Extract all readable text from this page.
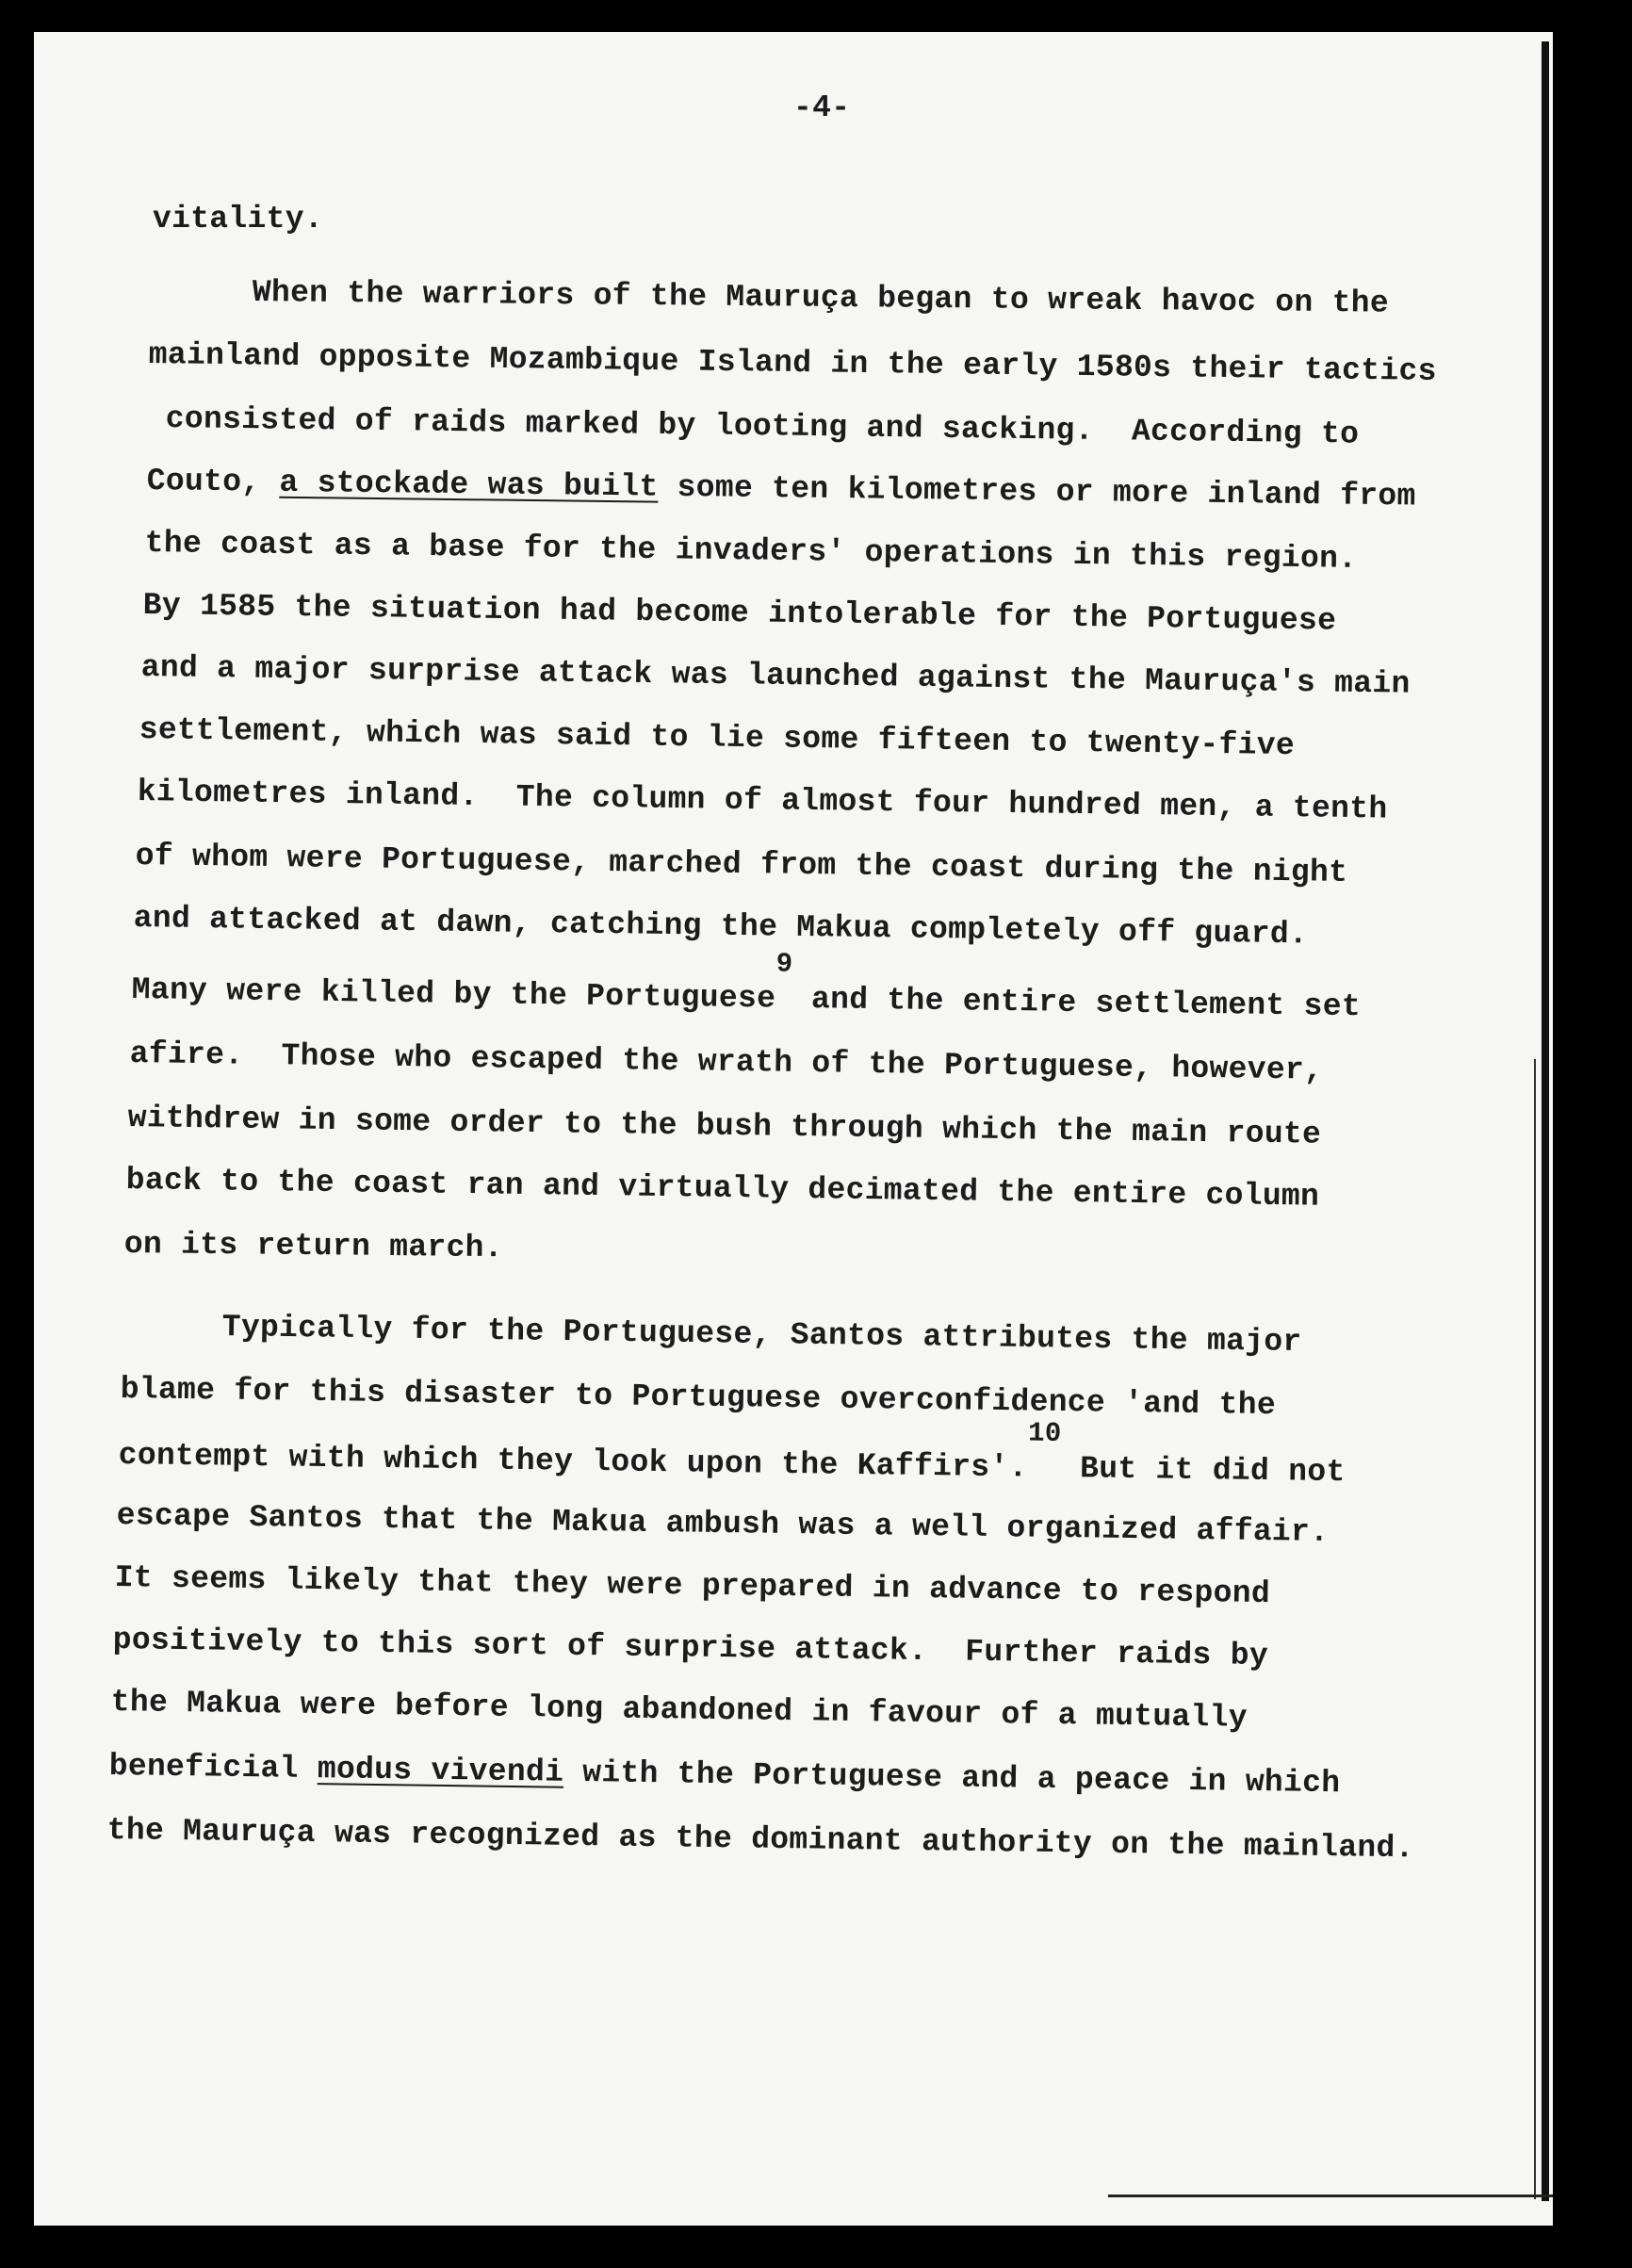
-4-
vitality.
When the warriors of the Mauruça began to wreak havoc on the
mainland opposite Mozambique Island in the early 1580s their tactics
consisted of raids marked by looting and sacking.  According to
Couto, a stockade was built some ten kilometres or more inland from
the coast as a base for the invaders' operations in this region.
By 1585 the situation had become intolerable for the Portuguese
and a major surprise attack was launched against the Mauruça's main
settlement, which was said to lie some fifteen to twenty-five
kilometres inland.  The column of almost four hundred men, a tenth
of whom were Portuguese, marched from the coast during the night
and attacked at dawn, catching the Makua completely off guard.
Many were killed by the Portuguese9 and the entire settlement set
afire.  Those who escaped the wrath of the Portuguese, however,
withdrew in some order to the bush through which the main route
back to the coast ran and virtually decimated the entire column
on its return march.
Typically for the Portuguese, Santos attributes the major
blame for this disaster to Portuguese overconfidence 'and the
contempt with which they look upon the Kaffirs'.10 But it did not
escape Santos that the Makua ambush was a well organized affair.
It seems likely that they were prepared in advance to respond
positively to this sort of surprise attack.  Further raids by
the Makua were before long abandoned in favour of a mutually
beneficial modus vivendi with the Portuguese and a peace in which
the Mauruça was recognized as the dominant authority on the mainland.
